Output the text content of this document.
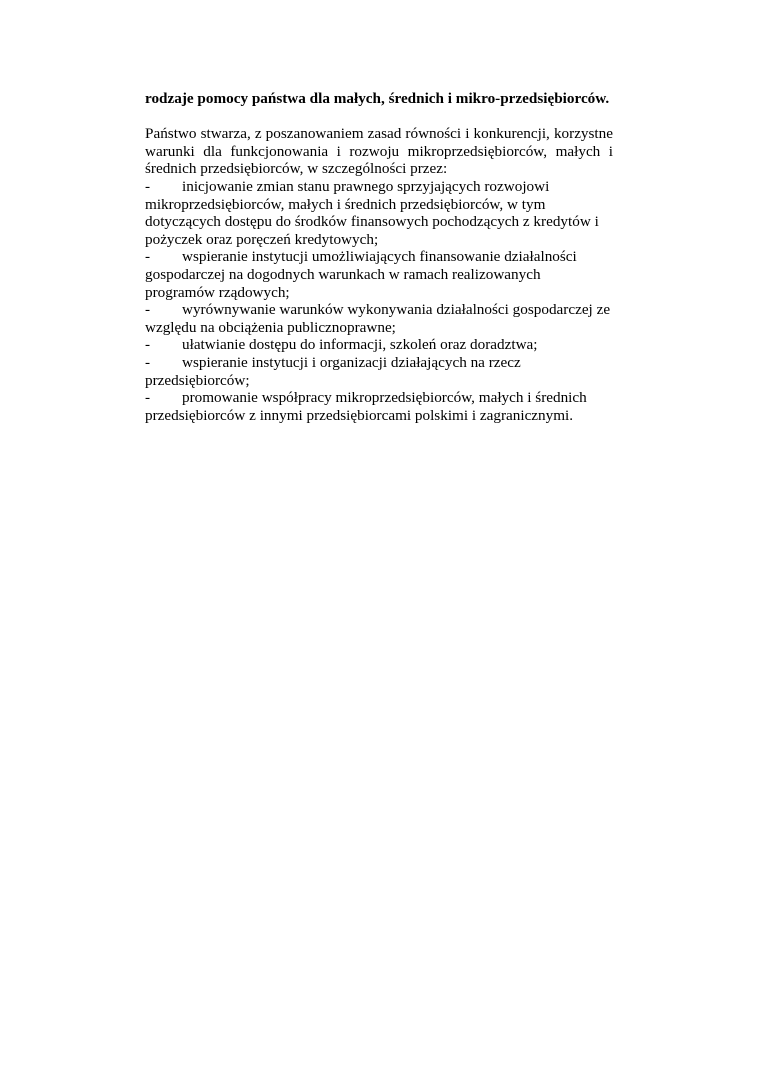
rodzaje pomocy państwa dla małych, średnich i mikro-przedsiębiorców.

Państwo stwarza, z poszanowaniem zasad równości i konkurencji, korzystne warunki dla funkcjonowania i rozwoju mikroprzedsiębiorców, małych i średnich przedsiębiorców, w szczególności przez:

- inicjowanie zmian stanu prawnego sprzyjających rozwojowi mikroprzedsiębiorców, małych i średnich przedsiębiorców, w tym dotyczących dostępu do środków finansowych pochodzących z kredytów i pożyczek oraz poręczeń kredytowych;
- wspieranie instytucji umożliwiających finansowanie działalności gospodarczej na dogodnych warunkach w ramach realizowanych programów rządowych;
- wyrównywanie warunków wykonywania działalności gospodarczej ze względu na obciążenia publicznoprawne;
- ułatwianie dostępu do informacji, szkoleń oraz doradztwa;
- wspieranie instytucji i organizacji działających na rzecz przedsiębiorców;
- promowanie współpracy mikroprzedsiębiorców, małych i średnich przedsiębiorców z innymi przedsiębiorcami polskimi i zagranicznymi.
